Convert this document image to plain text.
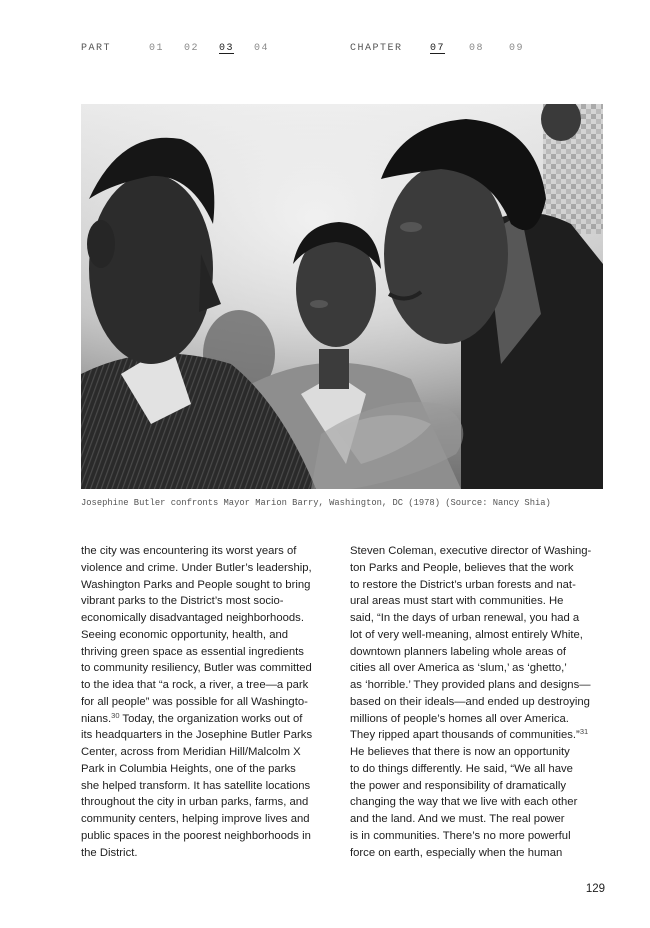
PART	01 02 03 04	CHAPTER	07 08 09
Josephine Butler confronts Mayor Marion Barry, Washington, DC (1978) (Source: Nancy Shia)
the city was encountering its worst years of
violence and crime. Under Butler’s leadership,
Washington Parks and People sought to bring
vibrant parks to the District’s most socio-
economically disadvantaged neighborhoods.
Seeing economic opportunity, health, and
thriving green space as essential ingredients
to community resiliency, Butler was committed
to the idea that “a rock, a river, a tree—a park
for all people” was possible for all Washingto-
nians.$^{30}$ Today, the organization works out of
its headquarters in the Josephine Butler Parks
Center, across from Meridian Hill/Malcolm X
Park in Columbia Heights, one of the parks
she helped transform. It has satellite locations
throughout the city in urban parks, farms, and
community centers, helping improve lives and
public spaces in the poorest neighborhoods in
the District.
Steven Coleman, executive director of Washing-
ton Parks and People, believes that the work
to restore the District’s urban forests and nat-
ural areas must start with communities. He
said, “In the days of urban renewal, you had a
lot of very well-meaning, almost entirely White,
downtown planners labeling whole areas of
cities all over America as ‘slum,’ as ‘ghetto,’
as ‘horrible.’ They provided plans and designs—
based on their ideals—and ended up destroying
millions of people’s homes all over America.
They ripped apart thousands of communities.”$^{31}$
He believes that there is now an opportunity
to do things differently. He said, “We all have
the power and responsibility of dramatically
changing the way that we live with each other
and the land. And we must. The real power
is in communities. There’s no more powerful
force on earth, especially when the human
129
